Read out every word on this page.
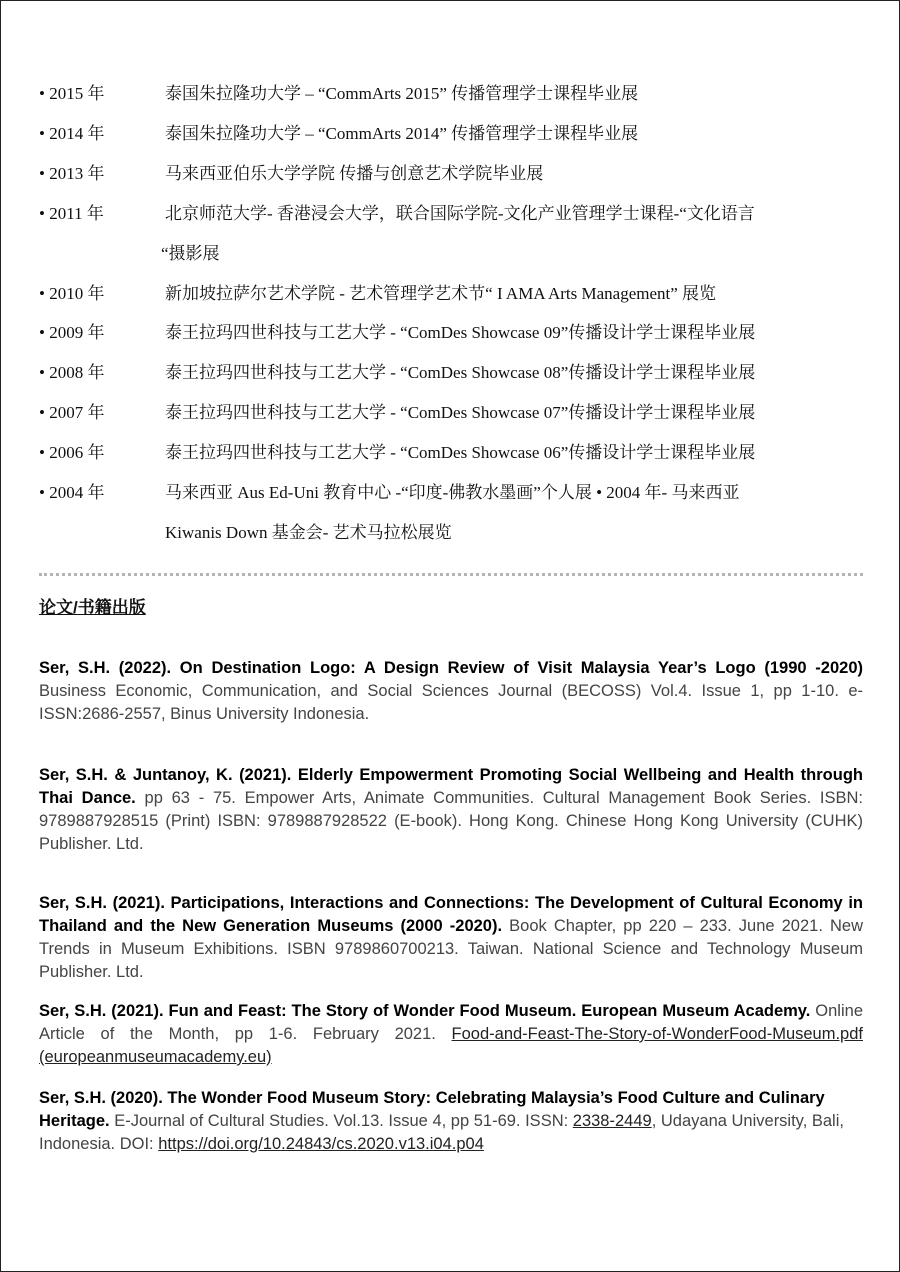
• 2015 年	泰国朱拉隆功大学 – “CommArts 2015” 传播管理学士课程毕业展
• 2014 年	泰国朱拉隆功大学 – “CommArts 2014” 传播管理学士课程毕业展
• 2013 年	马来西亚伯乐大学学院 传播与创意艺术学院毕业展
• 2011 年	北京师范大学- 香港浸会大学，联合国际学院-文化产业管理学士课程-“文化语言
“摄影展
• 2010 年	新加坡拉萨尔艺术学院 - 艺术管理学艺术节“ I AMA Arts Management” 展览
• 2009 年	泰王拉玛四世科技与工艺大学 - “ComDes Showcase 09”传播设计学士课程毕业展
• 2008 年	泰王拉玛四世科技与工艺大学 - “ComDes Showcase 08”传播设计学士课程毕业展
• 2007 年	泰王拉玛四世科技与工艺大学 - “ComDes Showcase 07”传播设计学士课程毕业展
• 2006 年	泰王拉玛四世科技与工艺大学 - “ComDes Showcase 06”传播设计学士课程毕业展
• 2004 年	马来西亚 Aus Ed-Uni 教育中心 -“印度-佛教水墨画”个人展 • 2004 年- 马来西亚
Kiwanis Down 基金会- 艺术马拉松展览
论文/书籍出版
Ser, S.H. (2022). On Destination Logo: A Design Review of Visit Malaysia Year’s Logo (1990 -2020) Business Economic, Communication, and Social Sciences Journal (BECOSS) Vol.4. Issue 1, pp 1-10. e-ISSN:2686-2557, Binus University Indonesia.
Ser, S.H. & Juntanoy, K. (2021). Elderly Empowerment Promoting Social Wellbeing and Health through Thai Dance. pp 63 - 75. Empower Arts, Animate Communities. Cultural Management Book Series. ISBN: 9789887928515 (Print) ISBN: 9789887928522 (E-book). Hong Kong. Chinese Hong Kong University (CUHK) Publisher. Ltd.
Ser, S.H. (2021). Participations, Interactions and Connections: The Development of Cultural Economy in Thailand and the New Generation Museums (2000 -2020). Book Chapter, pp 220 – 233. June 2021. New Trends in Museum Exhibitions. ISBN 9789860700213. Taiwan. National Science and Technology Museum Publisher. Ltd.
Ser, S.H. (2021). Fun and Feast: The Story of Wonder Food Museum. European Museum Academy. Online Article of the Month, pp 1-6. February 2021. Food-and-Feast-The-Story-of-WonderFood-Museum.pdf (europeanmuseumacademy.eu)
Ser, S.H. (2020). The Wonder Food Museum Story: Celebrating Malaysia’s Food Culture and Culinary Heritage. E-Journal of Cultural Studies. Vol.13. Issue 4, pp 51-69. ISSN: 2338-2449, Udayana University, Bali, Indonesia. DOI: https://doi.org/10.24843/cs.2020.v13.i04.p04
